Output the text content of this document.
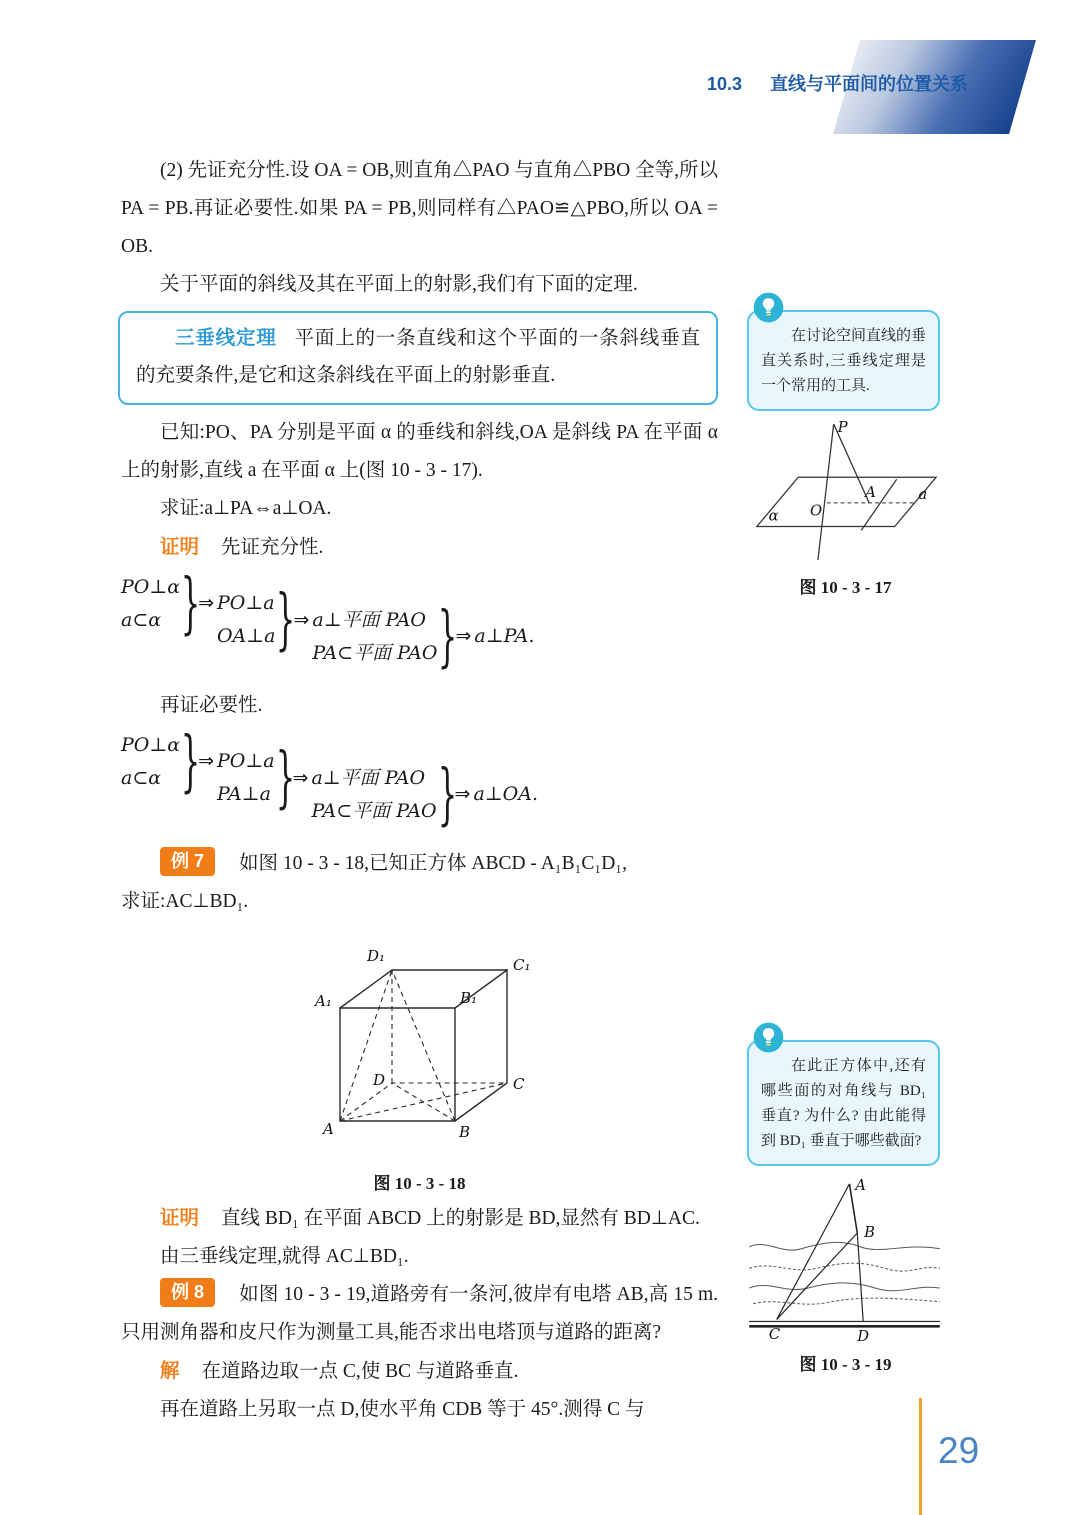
10.3 直线与平面间的位置关系

(2) 先证充分性.设 OA = OB,则直角△PAO 与直角△PBO 全等,所以 PA = PB.再证必要性.如果 PA = PB,则同样有△PAO≌△PBO,所以 OA = OB.

关于平面的斜线及其在平面上的射影,我们有下面的定理.

三垂线定理 平面上的一条直线和这个平面的一条斜线垂直的充要条件,是它和这条斜线在平面上的射影垂直.

已知:PO、PA 分别是平面 α 的垂线和斜线,OA 是斜线 PA 在平面 α 上的射影,直线 a 在平面 α 上(图 10 - 3 - 17).

求证:a⊥PA⇔a⊥OA.

证明 先证充分性.

PO⊥α
a⊂α }
⇒ PO⊥a
OA⊥a }
⇒ a⊥平面 PAO
PA⊂平面 PAO }
⇒ a⊥PA.

再证必要性.

PO⊥α
a⊂α }
⇒ PO⊥a
PA⊥a }
⇒ a⊥平面 PAO
PA⊂平面 PAO }
⇒ a⊥OA.

例 7 如图 10 - 3 - 18,已知正方体 ABCD - A₁B₁C₁D₁,

求证:AC⊥BD₁.

A	B
C
D
A₁	B₁
C₁
D₁

图 10 - 3 - 18

证明 直线 BD₁ 在平面 ABCD 上的射影是 BD,显然有 BD⊥AC.

由三垂线定理,就得 AC⊥BD₁.

例 8 如图 10 - 3 - 19,道路旁有一条河,彼岸有电塔 AB,高 15 m.只用测角器和皮尺作为测量工具,能否求出电塔顶与道路的距离?

解 在道路边取一点 C,使 BC 与道路垂直.

再在道路上另取一点 D,使水平角 CDB 等于 45°.测得 C 与

在讨论空间直线的垂直关系时,三垂线定理是一个常用的工具.

P
O
A	a
α

图 10 - 3 - 17

在此正方体中,还有哪些面的对角线与 BD₁ 垂直? 为什么? 由此能得到 BD₁ 垂直于哪些截面?

A
B
C	D

图 10 - 3 - 19

29
